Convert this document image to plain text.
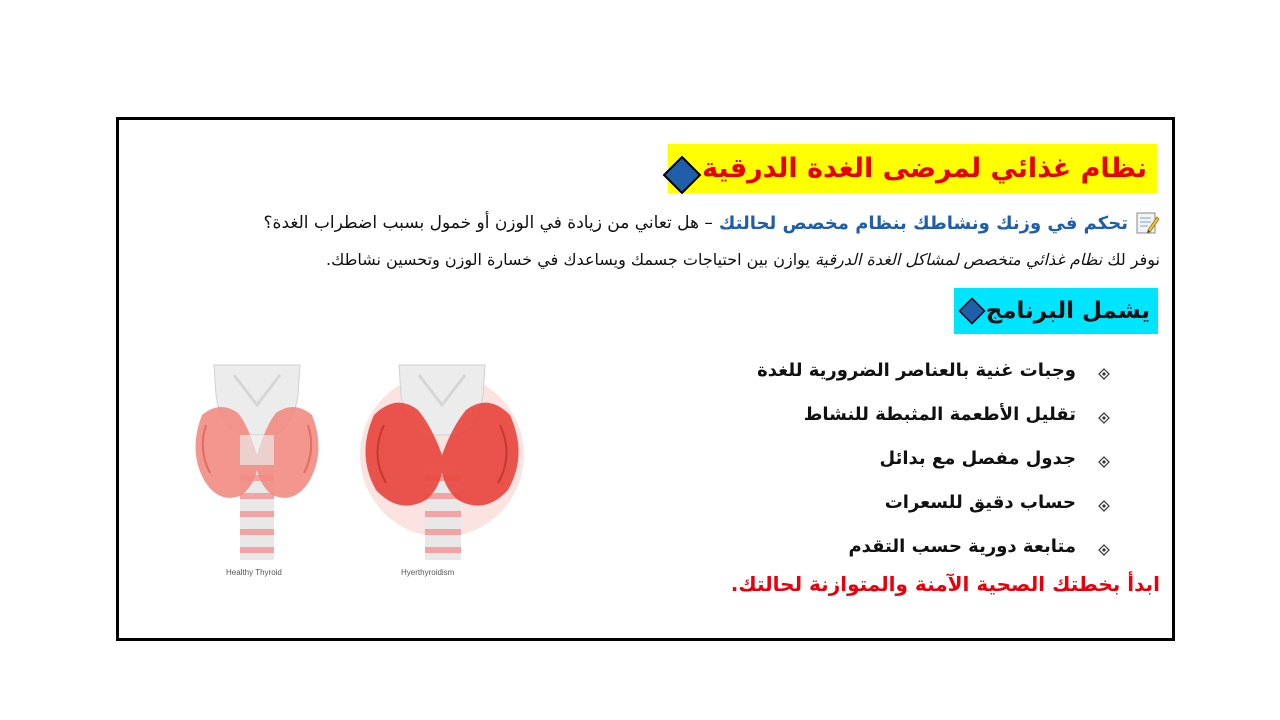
نظام غذائي لمرضى الغدة الدرقية
تحكم في وزنك ونشاطك بنظام مخصص لحالتك
– هل تعاني من زيادة في الوزن أو خمول بسبب اضطراب الغدة؟
نوفر لك نظام غذائي متخصص لمشاكل الغدة الدرقية يوازن بين احتياجات جسمك ويساعدك في خسارة الوزن وتحسين نشاطك.
يشمل البرنامج
وجبات غنية بالعناصر الضرورية للغدة
تقليل الأطعمة المثبطة للنشاط
جدول مفصل مع بدائل
حساب دقيق للسعرات
متابعة دورية حسب التقدم
ابدأ بخطتك الصحية الآمنة والمتوازنة لحالتك.
Healthy Thyroid	Hyerthyroidism
